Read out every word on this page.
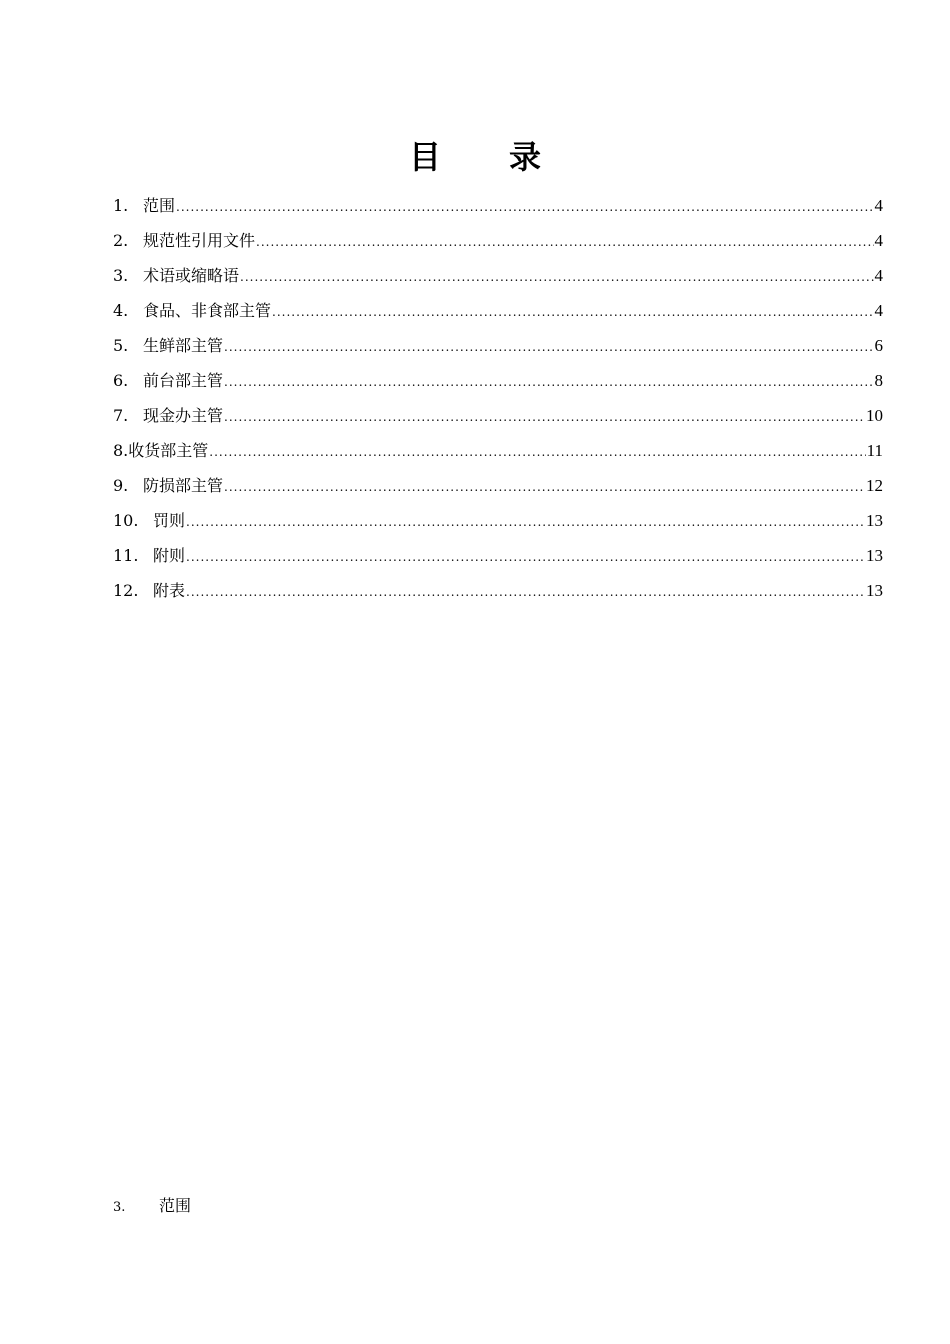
目 录
1. 范围 .....	4
2. 规范性引用文件 .....	4
3. 术语或缩略语 .....	4
4. 食品、非食部主管 .....	4
5. 生鲜部主管 .....	6
6. 前台部主管 .....	8
7. 现金办主管 .....	10
8. 收货部主管 .....	11
9. 防损部主管 .....	12
10. 罚则 .....	13
11. 附则 .....	13
12. 附表 .....	13
3. 范围
